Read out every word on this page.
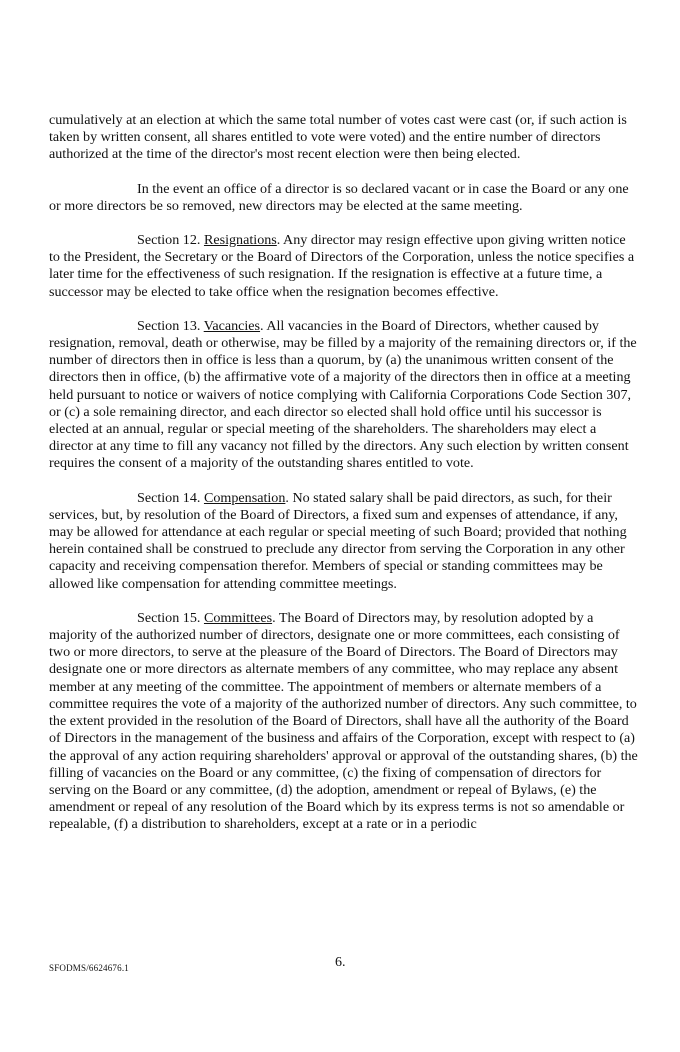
cumulatively at an election at which the same total number of votes cast were cast (or, if such action is taken by written consent, all shares entitled to vote were voted) and the entire number of directors authorized at the time of the director's most recent election were then being elected.

In the event an office of a director is so declared vacant or in case the Board or any one or more directors be so removed, new directors may be elected at the same meeting.

Section 12. Resignations. Any director may resign effective upon giving written notice to the President, the Secretary or the Board of Directors of the Corporation, unless the notice specifies a later time for the effectiveness of such resignation. If the resignation is effective at a future time, a successor may be elected to take office when the resignation becomes effective.

Section 13. Vacancies. All vacancies in the Board of Directors, whether caused by resignation, removal, death or otherwise, may be filled by a majority of the remaining directors or, if the number of directors then in office is less than a quorum, by (a) the unanimous written consent of the directors then in office, (b) the affirmative vote of a majority of the directors then in office at a meeting held pursuant to notice or waivers of notice complying with California Corporations Code Section 307, or (c) a sole remaining director, and each director so elected shall hold office until his successor is elected at an annual, regular or special meeting of the shareholders. The shareholders may elect a director at any time to fill any vacancy not filled by the directors. Any such election by written consent requires the consent of a majority of the outstanding shares entitled to vote.

Section 14. Compensation. No stated salary shall be paid directors, as such, for their services, but, by resolution of the Board of Directors, a fixed sum and expenses of attendance, if any, may be allowed for attendance at each regular or special meeting of such Board; provided that nothing herein contained shall be construed to preclude any director from serving the Corporation in any other capacity and receiving compensation therefor. Members of special or standing committees may be allowed like compensation for attending committee meetings.

Section 15. Committees. The Board of Directors may, by resolution adopted by a majority of the authorized number of directors, designate one or more committees, each consisting of two or more directors, to serve at the pleasure of the Board of Directors. The Board of Directors may designate one or more directors as alternate members of any committee, who may replace any absent member at any meeting of the committee. The appointment of members or alternate members of a committee requires the vote of a majority of the authorized number of directors. Any such committee, to the extent provided in the resolution of the Board of Directors, shall have all the authority of the Board of Directors in the management of the business and affairs of the Corporation, except with respect to (a) the approval of any action requiring shareholders' approval or approval of the outstanding shares, (b) the filling of vacancies on the Board or any committee, (c) the fixing of compensation of directors for serving on the Board or any committee, (d) the adoption, amendment or repeal of Bylaws, (e) the amendment or repeal of any resolution of the Board which by its express terms is not so amendable or repealable, (f) a distribution to shareholders, except at a rate or in a periodic

SFODMS/6624676.1	6.
